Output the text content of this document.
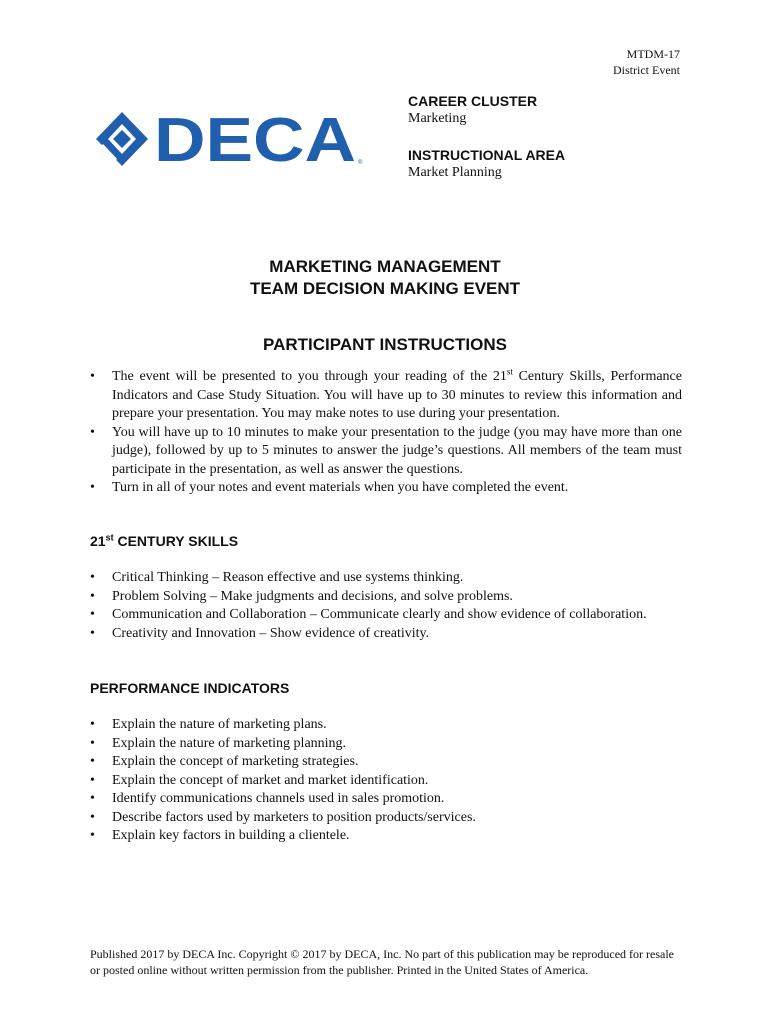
MTDM-17
District Event
DECA ®
CAREER CLUSTER
Marketing
INSTRUCTIONAL AREA
Market Planning
MARKETING MANAGEMENT
TEAM DECISION MAKING EVENT
PARTICIPANT INSTRUCTIONS
• The event will be presented to you through your reading of the 21st Century Skills, Performance Indicators and Case Study Situation. You will have up to 30 minutes to review this information and prepare your presentation. You may make notes to use during your presentation.
• You will have up to 10 minutes to make your presentation to the judge (you may have more than one judge), followed by up to 5 minutes to answer the judge’s questions. All members of the team must participate in the presentation, as well as answer the questions.
• Turn in all of your notes and event materials when you have completed the event.
21st CENTURY SKILLS
• Critical Thinking – Reason effective and use systems thinking.
• Problem Solving – Make judgments and decisions, and solve problems.
• Communication and Collaboration – Communicate clearly and show evidence of collaboration.
• Creativity and Innovation – Show evidence of creativity.
PERFORMANCE INDICATORS
• Explain the nature of marketing plans.
• Explain the nature of marketing planning.
• Explain the concept of marketing strategies.
• Explain the concept of market and market identification.
• Identify communications channels used in sales promotion.
• Describe factors used by marketers to position products/services.
• Explain key factors in building a clientele.
Published 2017 by DECA Inc. Copyright © 2017 by DECA, Inc. No part of this publication may be reproduced for resale or posted online without written permission from the publisher. Printed in the United States of America.
